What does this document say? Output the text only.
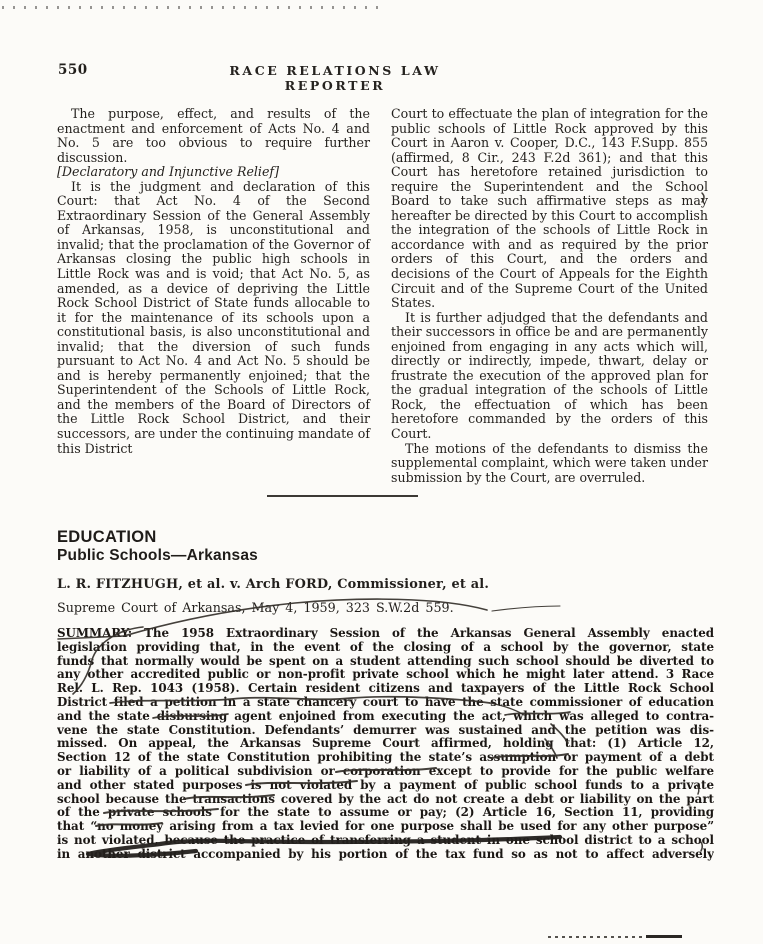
550	RACE RELATIONS LAW REPORTER

The purpose, effect, and results of the enactment and enforcement of Acts No. 4 and No. 5 are too obvious to require further discussion.

[Declaratory and Injunctive Relief]

It is the judgment and declaration of this Court: that Act No. 4 of the Second Extraordinary Session of the General Assembly of Arkansas, 1958, is unconstitutional and invalid; that the proclamation of the Governor of Arkansas closing the public high schools in Little Rock was and is void; that Act No. 5, as amended, as a device of depriving the Little Rock School District of State funds allocable to it for the maintenance of its schools upon a constitutional basis, is also unconstitutional and invalid; that the diversion of such funds pursuant to Act No. 4 and Act No. 5 should be and is hereby permanently enjoined; that the Superintendent of the Schools of Little Rock, and the members of the Board of Directors of the Little Rock School District, and their successors, are under the continuing mandate of this District

Court to effectuate the plan of integration for the public schools of Little Rock approved by this Court in Aaron v. Cooper, D.C., 143 F.Supp. 855 (affirmed, 8 Cir., 243 F.2d 361); and that this Court has heretofore retained jurisdiction to require the Superintendent and the School Board to take such affirmative steps as may hereafter be directed by this Court to accomplish the integration of the schools of Little Rock in accordance with and as required by the prior orders of this Court, and the orders and decisions of the Court of Appeals for the Eighth Circuit and of the Supreme Court of the United States.

It is further adjudged that the defendants and their successors in office be and are permanently enjoined from engaging in any acts which will, directly or indirectly, impede, thwart, delay or frustrate the execution of the approved plan for the gradual integration of the schools of Little Rock, the effectuation of which has been heretofore commanded by the orders of this Court.

The motions of the defendants to dismiss the supplemental complaint, which were taken under submission by the Court, are overruled.

EDUCATION
Public Schools—Arkansas
L. R. FITZHUGH, et al. v. Arch FORD, Commissioner, et al.
Supreme Court of Arkansas, May 4, 1959, 323 S.W.2d 559.
SUMMARY: The 1958 Extraordinary Session of the Arkansas General Assembly enacted
legislation providing that, in the event of the closing of a school by the governor, state
funds that normally would be spent on a student attending such school should be diverted to
any other accredited public or non-profit private school which he might later attend. 3 Race
Rel. L. Rep. 1043 (1958). Certain resident citizens and taxpayers of the Little Rock School
District filed a petition in a state chancery court to have the state commissioner of education
and the state disbursing agent enjoined from executing the act, which was alleged to contra-
vene the state Constitution. Defendants’ demurrer was sustained and the petition was dis-
missed. On appeal, the Arkansas Supreme Court affirmed, holding that: (1) Article 12,
Section 12 of the state Constitution prohibiting the state’s assumption or payment of a debt
or liability of a political subdivision or corporation except to provide for the public welfare
and other stated purposes is not violated by a payment of public school funds to a private
school because the transactions covered by the act do not create a debt or liability on the part
of the private schools for the state to assume or pay; (2) Article 16, Section 11, providing
that “no money arising from a tax levied for one purpose shall be used for any other purpose”
is not violated, because the practice of transferring a student in one school district to a school
in another district accompanied by his portion of the tax fund so as not to affect adversely
